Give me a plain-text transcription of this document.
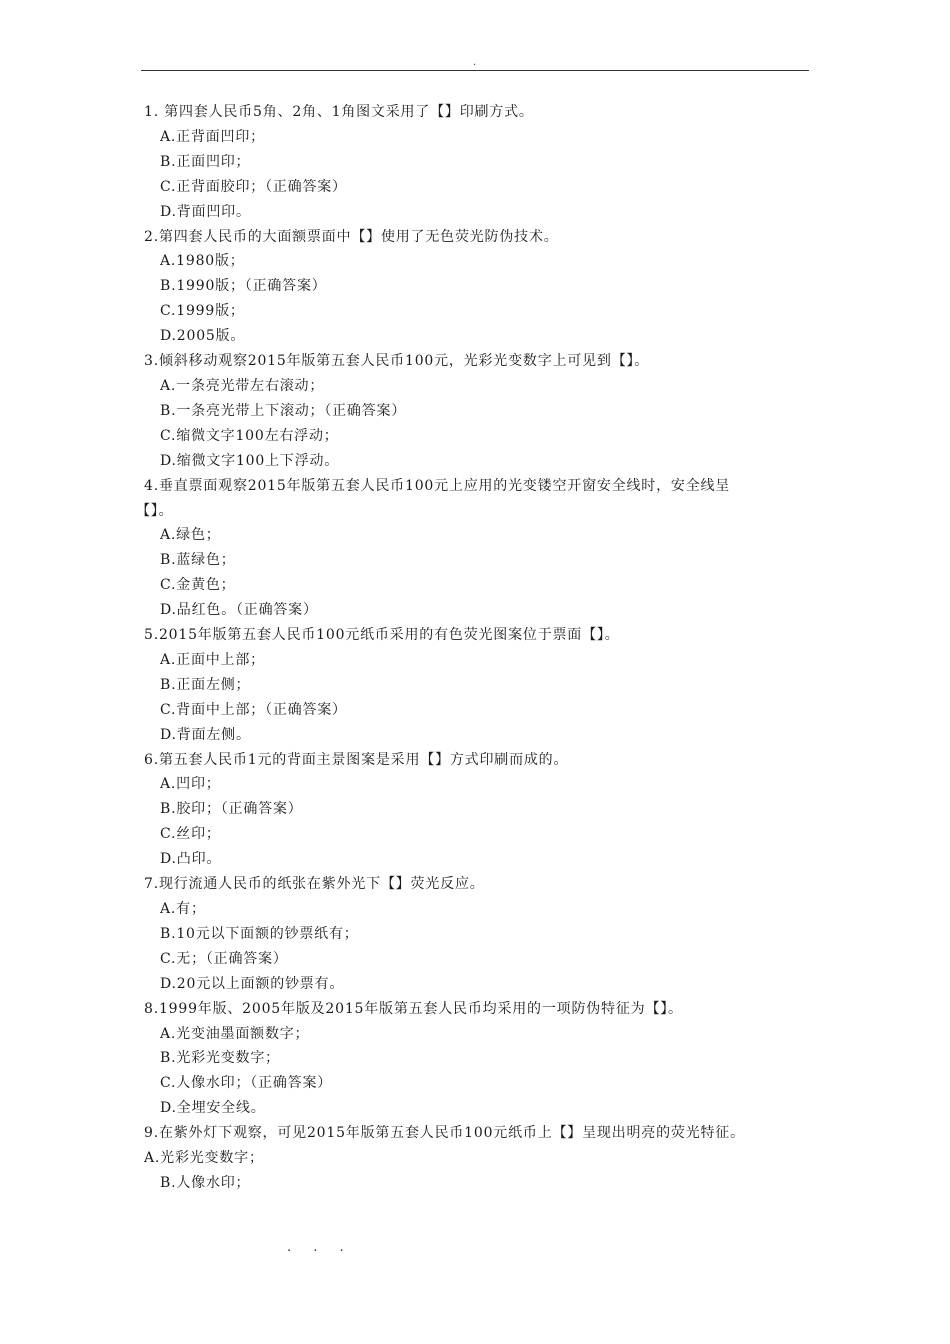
.
1. 第四套人民币5角、2角、1角图文采用了【】印刷方式。
A.正背面凹印；
B.正面凹印；
C.正背面胶印；（正确答案）
D.背面凹印。
2.第四套人民币的大面额票面中【】使用了无色荧光防伪技术。
A.1980版；
B.1990版；（正确答案）
C.1999版；
D.2005版。
3.倾斜移动观察2015年版第五套人民币100元，光彩光变数字上可见到【】。
A.一条亮光带左右滚动；
B.一条亮光带上下滚动；（正确答案）
C.缩微文字100左右浮动；
D.缩微文字100上下浮动。
4.垂直票面观察2015年版第五套人民币100元上应用的光变镂空开窗安全线时，安全线呈
【】。
A.绿色；
B.蓝绿色；
C.金黄色；
D.品红色。（正确答案）
5.2015年版第五套人民币100元纸币采用的有色荧光图案位于票面【】。
A.正面中上部；
B.正面左侧；
C.背面中上部；（正确答案）
D.背面左侧。
6.第五套人民币1元的背面主景图案是采用【】方式印刷而成的。
A.凹印；
B.胶印；（正确答案）
C.丝印；
D.凸印。
7.现行流通人民币的纸张在紫外光下【】荧光反应。
A.有；
B.10元以下面额的钞票纸有；
C.无；（正确答案）
D.20元以上面额的钞票有。
8.1999年版、2005年版及2015年版第五套人民币均采用的一项防伪特征为【】。
A.光变油墨面额数字；
B.光彩光变数字；
C.人像水印；（正确答案）
D.全埋安全线。
9.在紫外灯下观察，可见2015年版第五套人民币100元纸币上【】呈现出明亮的荧光特征。
A.光彩光变数字；
B.人像水印；
. . .
